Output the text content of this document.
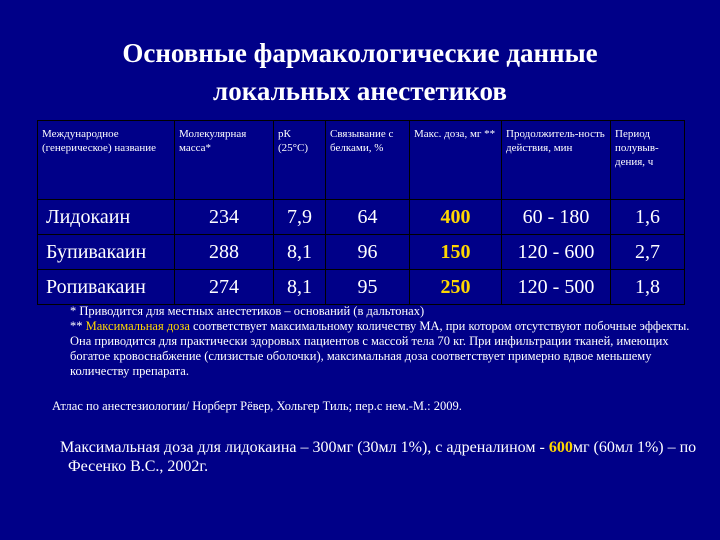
Основные фармакологические данные
локальных анестетиков
Международное (генерическое) название	Молекулярная масса*	рК (25°С)	Связывание с белками, %	Макс. доза, мг **	Продолжитель-ность действия, мин	Период полувыв-дения, ч
Лидокаин	234	7,9	64	400	60 - 180	1,6
Бупивакаин	288	8,1	96	150	120 - 600	2,7
Ропивакаин	274	8,1	95	250	120 - 500	1,8
* Приводится для местных анестетиков – оснований (в дальтонах)
** Максимальная доза соответствует максимальному количеству МА, при котором отсутствуют побочные эффекты. Она приводится для практически здоровых пациентов с массой тела 70 кг. При инфильтрации тканей, имеющих богатое кровоснабжение (слизистые оболочки), максимальная доза соответствует примерно вдвое меньшему количеству препарата.
Атлас по анестезиологии/ Норберт Рёвер, Хольгер Тиль; пер.с нем.-М.: 2009.
Максимальная доза для лидокаина – 300мг (30мл 1%), с адреналином - 600мг (60мл 1%) – по Фесенко В.С., 2002г.
